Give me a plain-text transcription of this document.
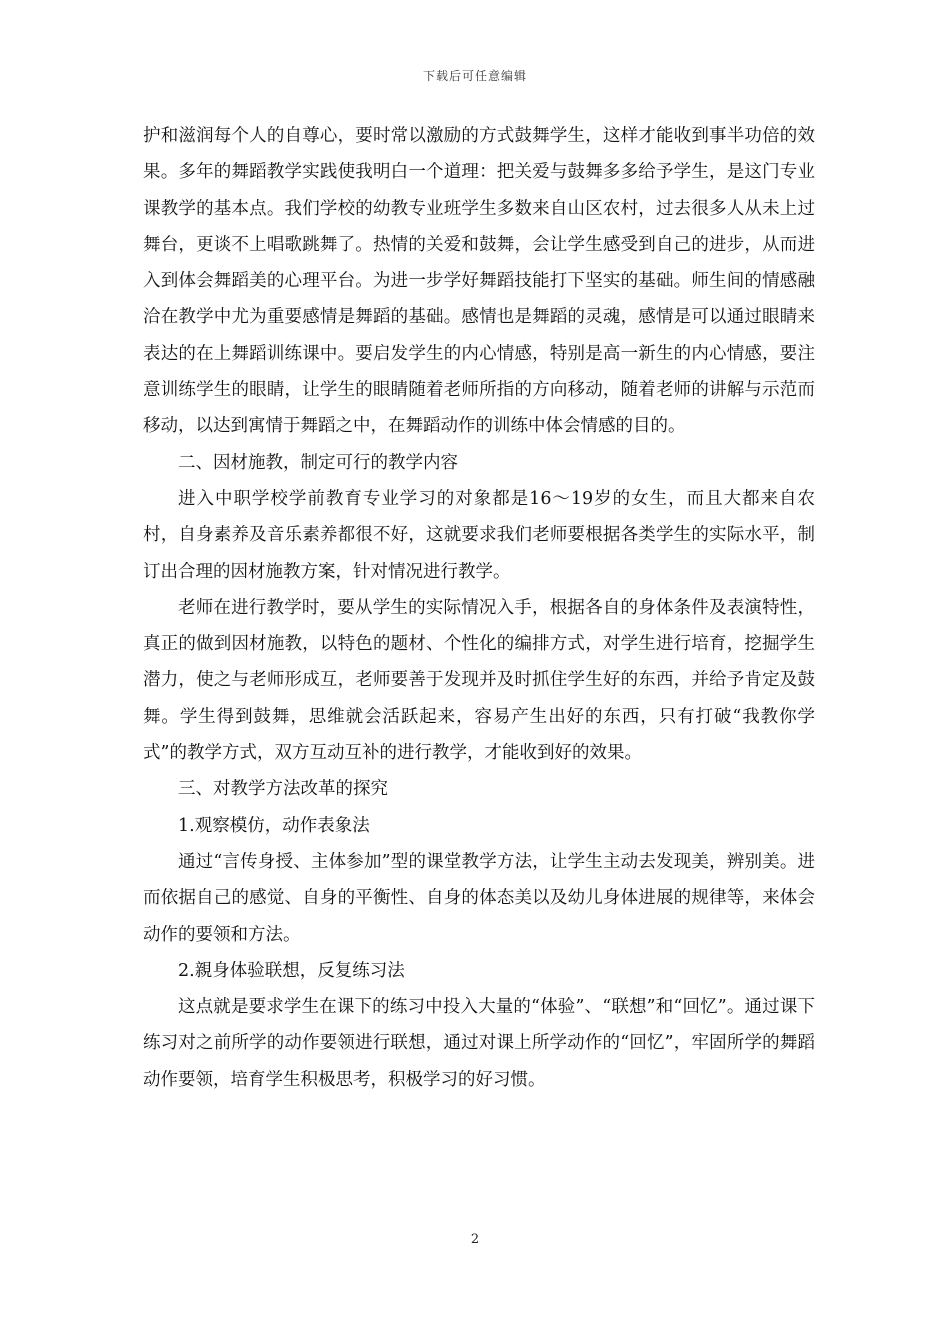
下载后可任意编辑

护和滋润每个人的自尊心，要时常以激励的方式鼓舞学生，这样才能收到事半功倍的效果。多年的舞蹈教学实践使我明白一个道理：把关爱与鼓舞多多给予学生，是这门专业课教学的基本点。我们学校的幼教专业班学生多数来自山区农村，过去很多人从未上过舞台，更谈不上唱歌跳舞了。热情的关爱和鼓舞，会让学生感受到自己的进步，从而进入到体会舞蹈美的心理平台。为进一步学好舞蹈技能打下坚实的基础。师生间的情感融洽在教学中尤为重要感情是舞蹈的基础。感情也是舞蹈的灵魂，感情是可以通过眼睛来表达的在上舞蹈训练课中。要启发学生的内心情感，特别是高一新生的内心情感，要注意训练学生的眼睛，让学生的眼睛随着老师所指的方向移动，随着老师的讲解与示范而移动，以达到寓情于舞蹈之中，在舞蹈动作的训练中体会情感的目的。

二、因材施教，制定可行的教学内容

进入中职学校学前教育专业学习的对象都是16～19岁的女生，而且大都来自农村，自身素养及音乐素养都很不好，这就要求我们老师要根据各类学生的实际水平，制订出合理的因材施教方案，针对情况进行教学。

老师在进行教学时，要从学生的实际情况入手，根据各自的身体条件及表演特性，真正的做到因材施教，以特色的题材、个性化的编排方式，对学生进行培育，挖掘学生潜力，使之与老师形成互，老师要善于发现并及时抓住学生好的东西，并给予肯定及鼓舞。学生得到鼓舞，思维就会活跃起来，容易产生出好的东西，只有打破“我教你学式”的教学方式，双方互动互补的进行教学，才能收到好的效果。

三、对教学方法改革的探究

1.观察模仿，动作表象法

通过“言传身授、主体参加”型的课堂教学方法，让学生主动去发现美，辨别美。进而依据自己的感觉、自身的平衡性、自身的体态美以及幼儿身体进展的规律等，来体会动作的要领和方法。

2.親身体验联想，反复练习法

这点就是要求学生在课下的练习中投入大量的“体验”、“联想”和“回忆”。通过课下练习对之前所学的动作要领进行联想，通过对课上所学动作的“回忆”，牢固所学的舞蹈动作要领，培育学生积极思考，积极学习的好习惯。

2
